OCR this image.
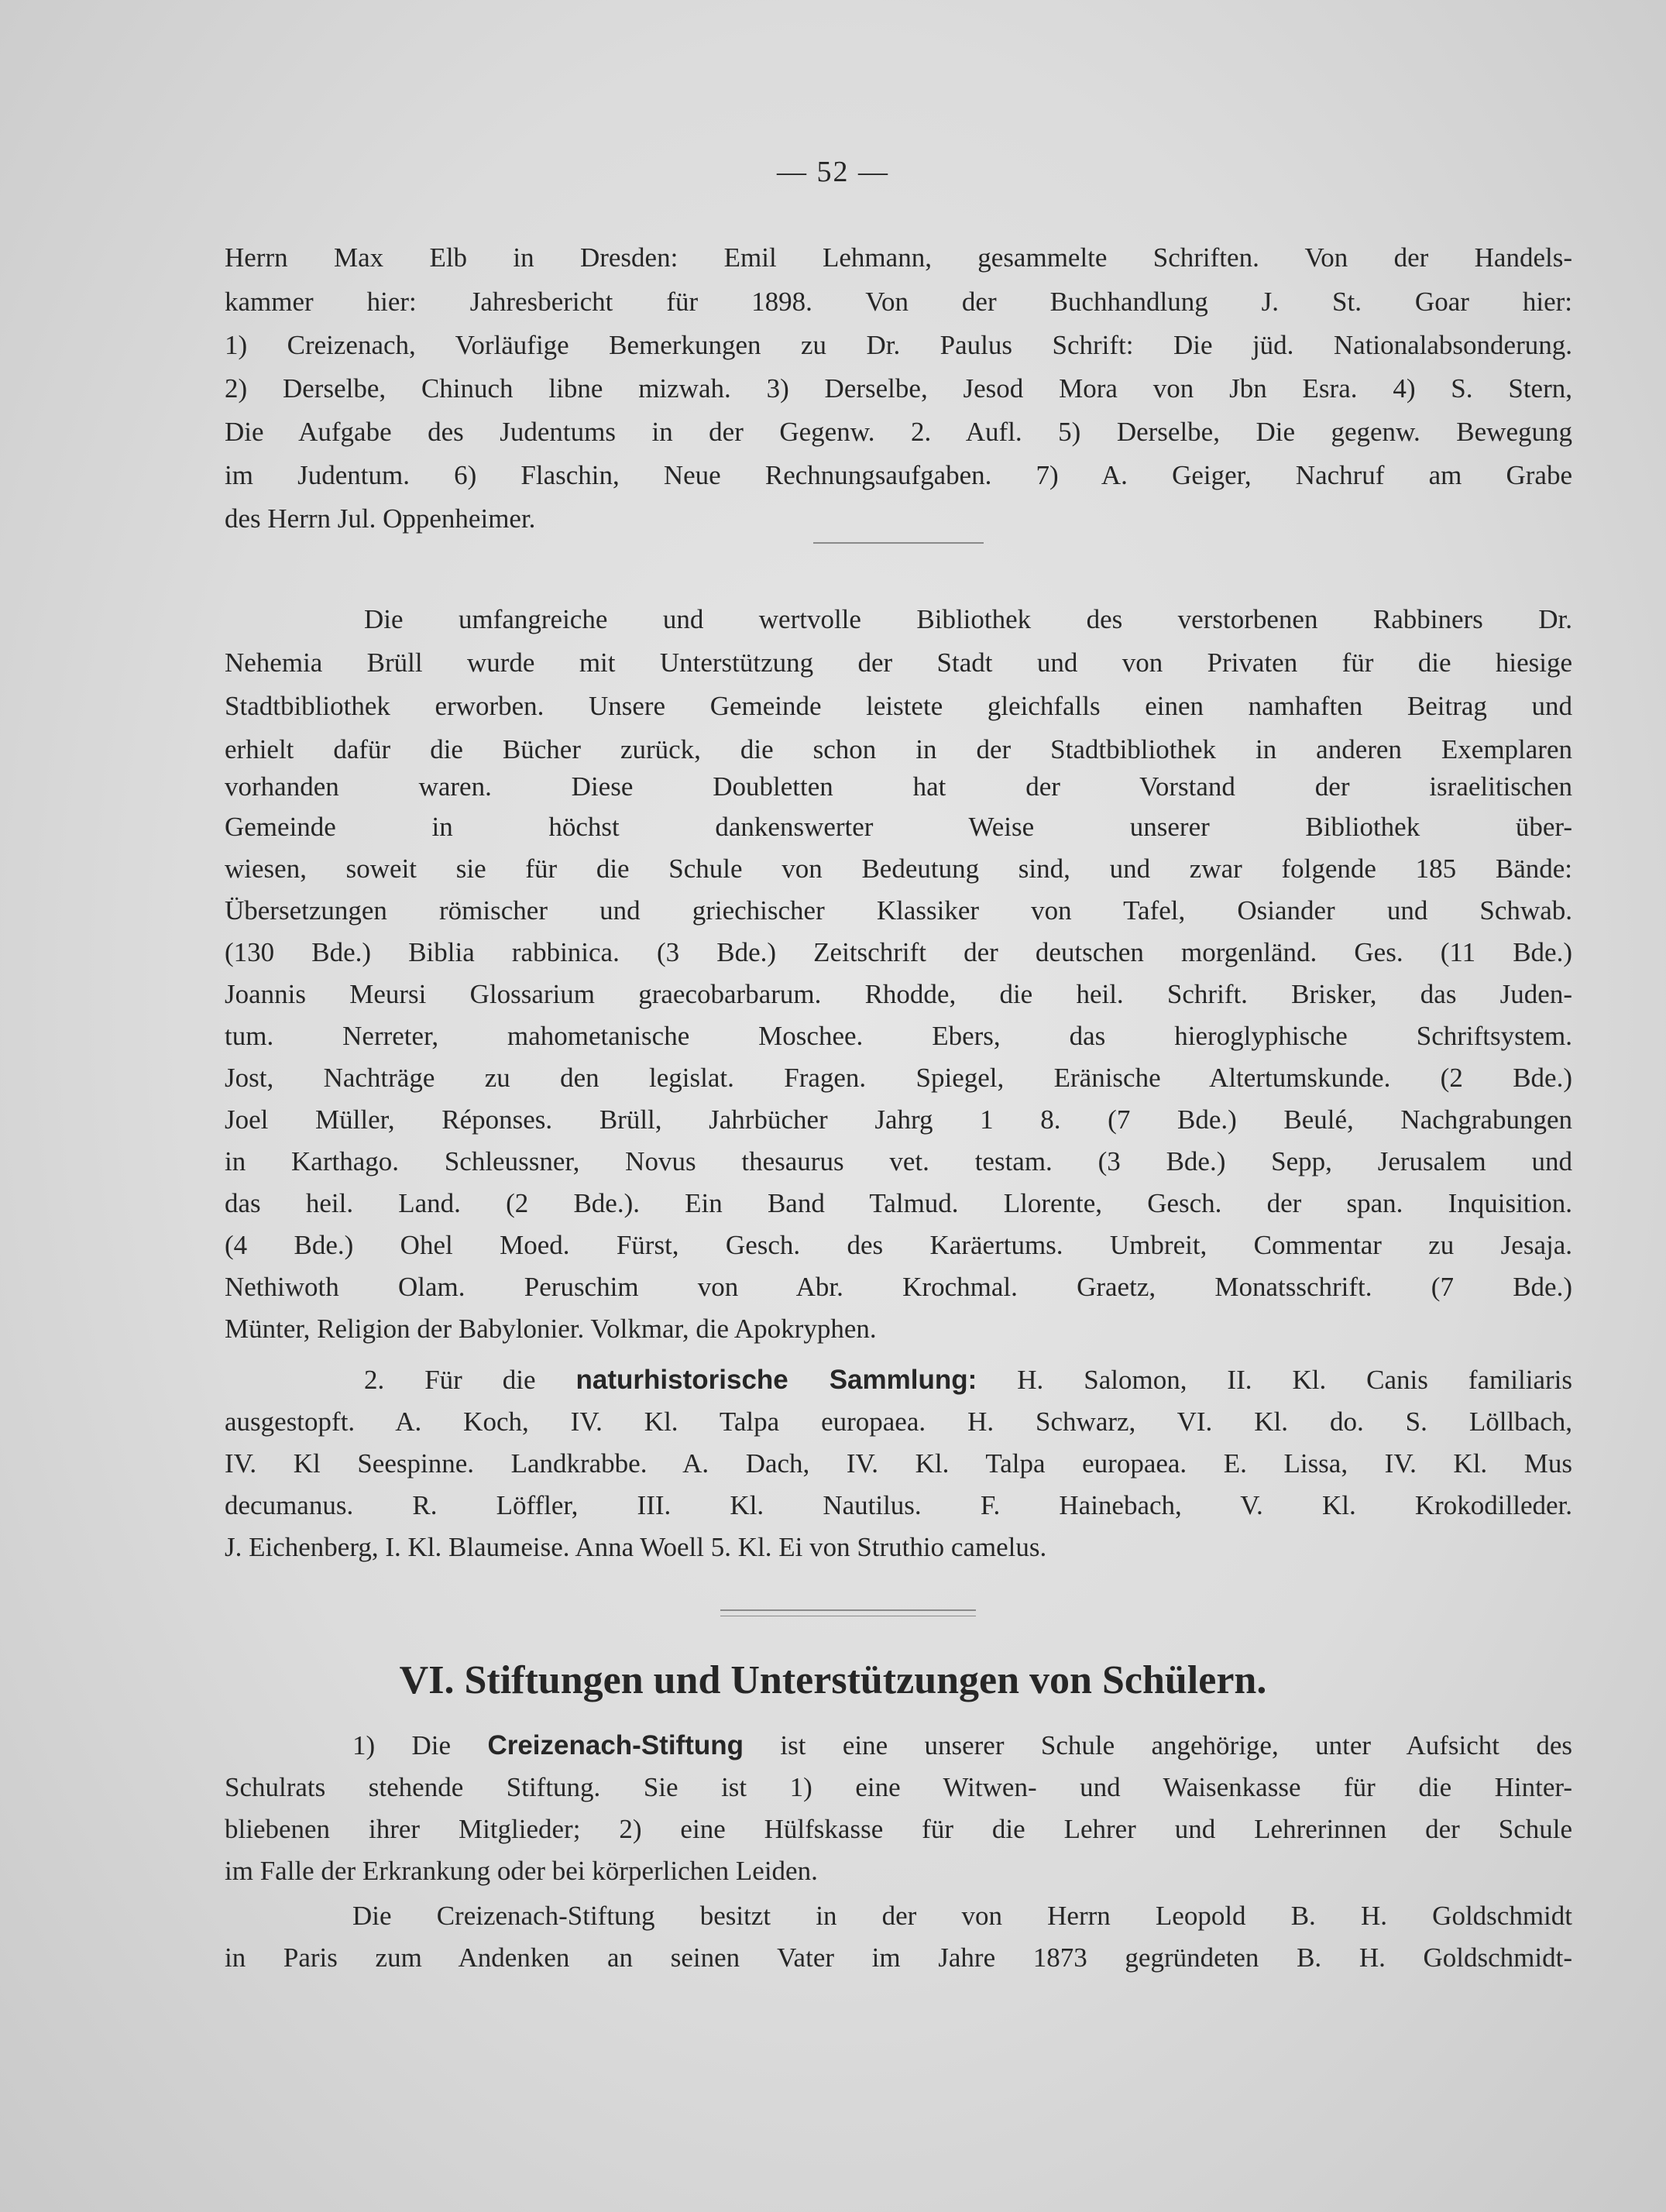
— 52 —
Herrn Max Elb in Dresden: Emil Lehmann, gesammelte Schriften. Von der Handels-
kammer hier: Jahresbericht für 1898. Von der Buchhandlung J. St. Goar hier:
1) Creizenach, Vorläufige Bemerkungen zu Dr. Paulus Schrift: Die jüd. Nationalabsonderung.
2) Derselbe, Chinuch libne mizwah. 3) Derselbe, Jesod Mora von Jbn Esra. 4) S. Stern,
Die Aufgabe des Judentums in der Gegenw. 2. Aufl. 5) Derselbe, Die gegenw. Bewegung
im Judentum. 6) Flaschin, Neue Rechnungsaufgaben. 7) A. Geiger, Nachruf am Grabe
des Herrn Jul. Oppenheimer.
Die umfangreiche und wertvolle Bibliothek des verstorbenen Rabbiners Dr.
Nehemia Brüll wurde mit Unterstützung der Stadt und von Privaten für die hiesige
Stadtbibliothek erworben. Unsere Gemeinde leistete gleichfalls einen namhaften Beitrag und
erhielt dafür die Bücher zurück, die schon in der Stadtbibliothek in anderen Exemplaren
vorhanden waren. Diese Doubletten hat der Vorstand der israelitischen
Gemeinde in höchst dankenswerter Weise unserer Bibliothek über-
wiesen, soweit sie für die Schule von Bedeutung sind, und zwar folgende 185 Bände:
Übersetzungen römischer und griechischer Klassiker von Tafel, Osiander und Schwab.
(130 Bde.) Biblia rabbinica. (3 Bde.) Zeitschrift der deutschen morgenländ. Ges. (11 Bde.)
Joannis Meursi Glossarium graecobarbarum. Rhodde, die heil. Schrift. Brisker, das Juden-
tum. Nerreter, mahometanische Moschee. Ebers, das hieroglyphische Schriftsystem.
Jost, Nachträge zu den legislat. Fragen. Spiegel, Eränische Altertumskunde. (2 Bde.)
Joel Müller, Réponses. Brüll, Jahrbücher Jahrg 1 8. (7 Bde.) Beulé, Nachgrabungen
in Karthago. Schleussner, Novus thesaurus vet. testam. (3 Bde.) Sepp, Jerusalem und
das heil. Land. (2 Bde.). Ein Band Talmud. Llorente, Gesch. der span. Inquisition.
(4 Bde.) Ohel Moed. Fürst, Gesch. des Karäertums. Umbreit, Commentar zu Jesaja.
Nethiwoth Olam. Peruschim von Abr. Krochmal. Graetz, Monatsschrift. (7 Bde.)
Münter, Religion der Babylonier. Volkmar, die Apokryphen.
2. Für die naturhistorische Sammlung: H. Salomon, II. Kl. Canis familiaris
ausgestopft. A. Koch, IV. Kl. Talpa europaea. H. Schwarz, VI. Kl. do. S. Löllbach,
IV. Kl Seespinne. Landkrabbe. A. Dach, IV. Kl. Talpa europaea. E. Lissa, IV. Kl. Mus
decumanus. R. Löffler, III. Kl. Nautilus. F. Hainebach, V. Kl. Krokodilleder.
J. Eichenberg, I. Kl. Blaumeise. Anna Woell 5. Kl. Ei von Struthio camelus.
VI. Stiftungen und Unterstützungen von Schülern.
1) Die Creizenach-Stiftung ist eine unserer Schule angehörige, unter Aufsicht des
Schulrats stehende Stiftung. Sie ist 1) eine Witwen- und Waisenkasse für die Hinter-
bliebenen ihrer Mitglieder; 2) eine Hülfskasse für die Lehrer und Lehrerinnen der Schule
im Falle der Erkrankung oder bei körperlichen Leiden.
Die Creizenach-Stiftung besitzt in der von Herrn Leopold B. H. Goldschmidt
in Paris zum Andenken an seinen Vater im Jahre 1873 gegründeten B. H. Goldschmidt-
